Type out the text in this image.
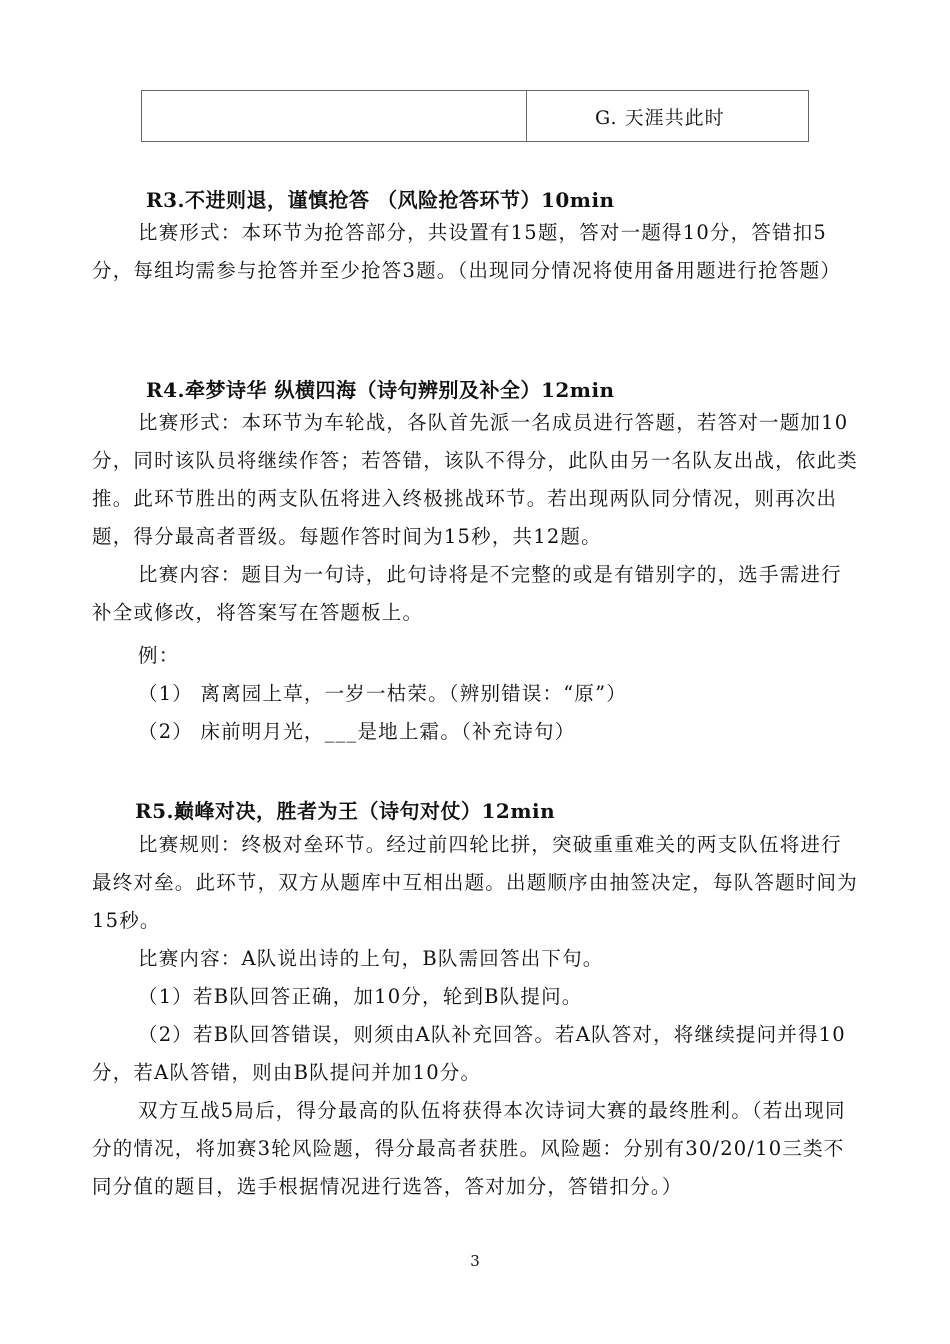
G. 天涯共此时
R3.不进则退，谨慎抢答 （风险抢答环节）10min

比赛形式：本环节为抢答部分，共设置有15题，答对一题得10分，答错扣5分，每组均需参与抢答并至少抢答3题。（出现同分情况将使用备用题进行抢答题）

R4.牵梦诗华 纵横四海（诗句辨别及补全）12min

比赛形式：本环节为车轮战，各队首先派一名成员进行答题，若答对一题加10分，同时该队员将继续作答；若答错，该队不得分，此队由另一名队友出战，依此类推。此环节胜出的两支队伍将进入终极挑战环节。若出现两队同分情况，则再次出题，得分最高者晋级。每题作答时间为15秒，共12题。

比赛内容：题目为一句诗，此句诗将是不完整的或是有错别字的，选手需进行补全或修改，将答案写在答题板上。

例：
（1） 离离园上草，一岁一枯荣。（辨别错误：“原”）
（2） 床前明月光，___是地上霜。（补充诗句）
R5.巅峰对决，胜者为王（诗句对仗）12min

比赛规则：终极对垒环节。经过前四轮比拼，突破重重难关的两支队伍将进行最终对垒。此环节，双方从题库中互相出题。出题顺序由抽签决定，每队答题时间为15秒。

比赛内容：A队说出诗的上句，B队需回答出下句。

（1）若B队回答正确，加10分，轮到B队提问。

（2）若B队回答错误，则须由A队补充回答。若A队答对，将继续提问并得10分，若A队答错，则由B队提问并加10分。

双方互战5局后，得分最高的队伍将获得本次诗词大赛的最终胜利。（若出现同分的情况，将加赛3轮风险题，得分最高者获胜。风险题：分别有30/20/10三类不同分值的题目，选手根据情况进行选答，答对加分，答错扣分。）

3
